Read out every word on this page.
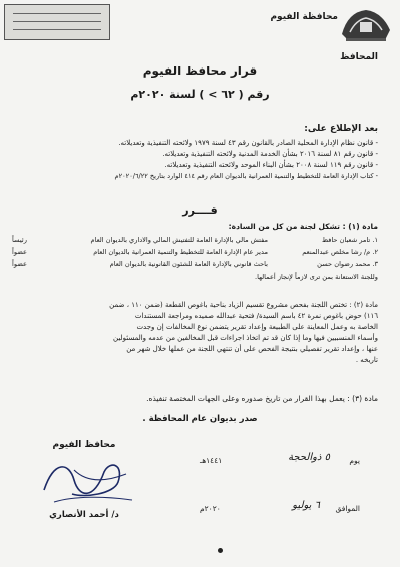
محافظة الفيوم
المحافظ
قرار محافظ الفيوم
رقم ( ٦٢ > ) لسنة ٢٠٢٠م
بعد الإطلاع على:
- قانون نظام الإدارة المحلية الصادر بالقانون رقم ٤٣ لسنة ١٩٧٩ ولائحته التنفيذية وتعديلاته.
- قانون رقم ٨١ لسنة ٢٠١٦ بشأن الخدمة المدنية ولائحته التنفيذية وتعديلاته.
- قانون رقم ١١٩ لسنة ٢٠٠٨ بشأن البناء الموحد ولائحته التنفيذية وتعديلاته.
- كتاب الإدارة العامة للتخطيط والتنمية العمرانية بالديوان العام رقم ٤١٤ الوارد بتاريخ ٢٠٢٠/٦/٢٢م
قــــرر
مادة (١) : تشكل لجنة من كل من السادة:
١. تامر شعبان حافظ
مفتش مالي بالإدارة العامة للتفتيش المالي والاداري بالديوان العام
رئيساً
٢. م/ رشا مخلص عبدالمنعم
مدير عام الإدارة العامة للتخطيط والتنمية العمرانية بالديوان العام
عضواً
٣. محمد رضوان حسن
باحث قانوني بالإدارة العامة للشئون القانونية بالديوان العام
عضواً
وللجنة الاستعانة بمن ترى لازماً لإنجاز أعمالها.
مادة (٢) : تختص اللجنة بفحص مشروع تقسيم الزياد بناحية باغوص القطعة (ضمن ١١٠ ، ضمن
١١٦) حوض باغوص نمرة ٤٢ باسم السيدة/ فتحية عبدالله صميده ومراجعة المستندات
الخاصة به وعمل المعاينة على الطبيعة وإعداد تقرير يتضمن نوع المخالفات إن وجدت
وأسماء المنسبيين فيها وما إذا كان قد تم اتخاذ اجراءات قبل المخالفين من عدمه والمسئولين
عنها ، وإعداد تقرير تفصيلي بنتيجة الفحص على أن تنتهي اللجنة من عملها خلال شهر من
تاريخه .
مادة (٣) : يعمل بهذا القرار من تاريخ صدوره وعلى الجهات المختصة تنفيذه.
صدر بديوان عام المحافظة .
يوم
٥ ذوالحجة
١٤٤١هـ
الموافق
٦ يوليو
٢٠٢٠م
محافظ الفيوم
د/ أحمد الأنصاري
